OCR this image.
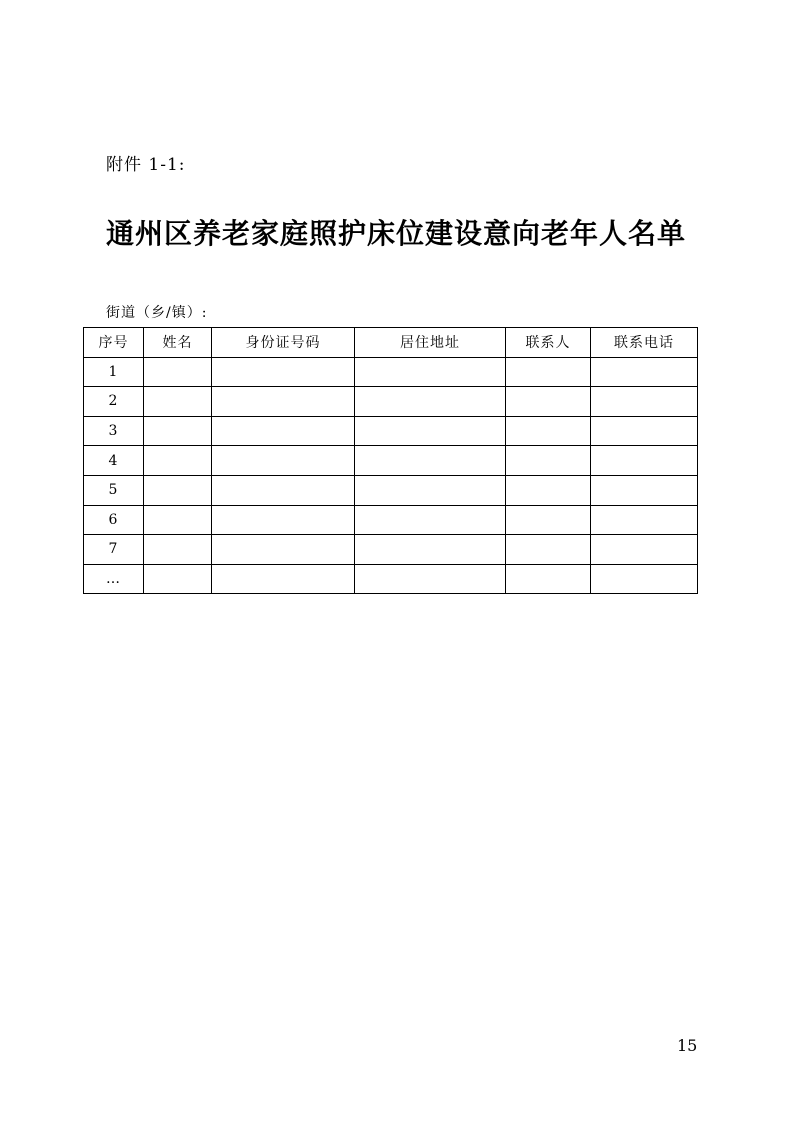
附件 1-1:
通州区养老家庭照护床位建设意向老年人名单
街道（乡/镇）:
序号	姓名	身份证号码	居住地址	联系人	联系电话
1					
2					
3					
4					
5					
6					
7					
…					
15
